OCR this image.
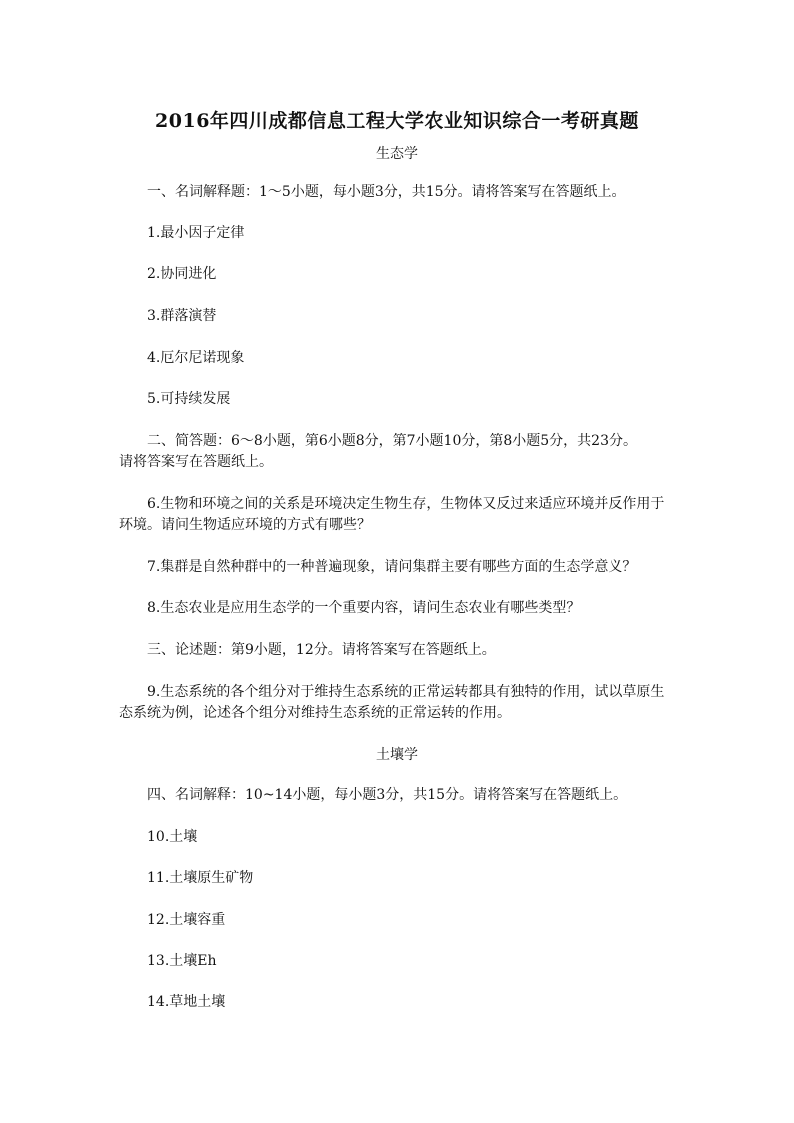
2016年四川成都信息工程大学农业知识综合一考研真题

生态学

一、名词解释题：1～5小题，每小题3分，共15分。请将答案写在答题纸上。

1.最小因子定律

2.协同进化

3.群落演替

4.厄尔尼诺现象

5.可持续发展

二、简答题：6～8小题，第6小题8分，第7小题10分，第8小题5分，共23分。

请将答案写在答题纸上。

6.生物和环境之间的关系是环境决定生物生存，生物体又反过来适应环境并反作用于

环境。请问生物适应环境的方式有哪些？

7.集群是自然种群中的一种普遍现象，请问集群主要有哪些方面的生态学意义？

8.生态农业是应用生态学的一个重要内容，请问生态农业有哪些类型？

三、论述题：第9小题，12分。请将答案写在答题纸上。

9.生态系统的各个组分对于维持生态系统的正常运转都具有独特的作用，试以草原生

态系统为例，论述各个组分对维持生态系统的正常运转的作用。

土壤学

四、名词解释：10~14小题，每小题3分，共15分。请将答案写在答题纸上。

10.土壤

11.土壤原生矿物

12.土壤容重

13.土壤Eh

14.草地土壤
